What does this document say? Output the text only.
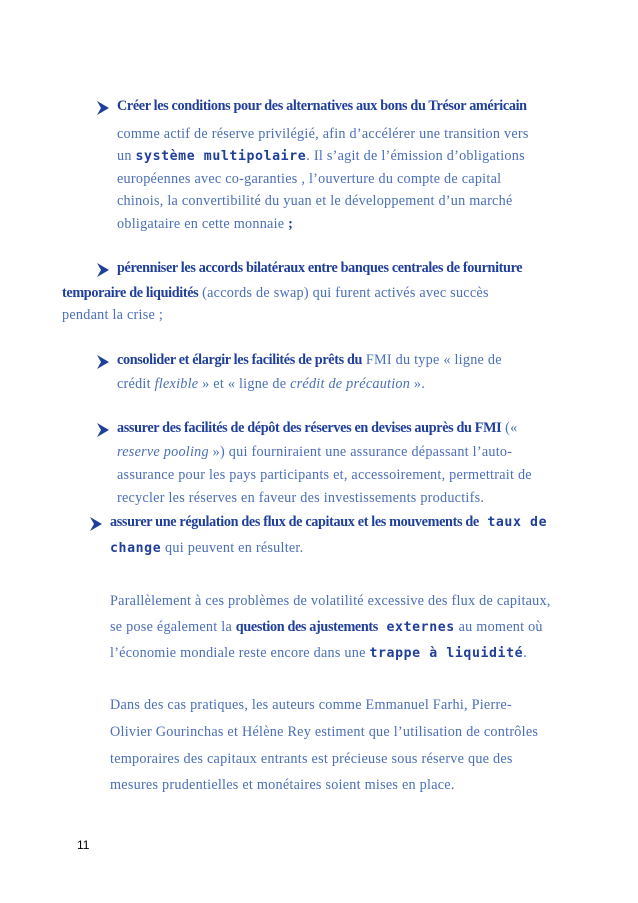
Créer les conditions pour des alternatives aux bons du Trésor américain
comme actif de réserve privilégié, afin d’accélérer une transition vers
un système multipolaire. Il s’agit de l’émission d’obligations
européennes avec co-garanties , l’ouverture du compte de capital
chinois, la convertibilité du yuan et le développement d’un marché
obligataire en cette monnaie ;
pérenniser les accords bilatéraux entre banques centrales de fourniture
temporaire de liquidités (accords de swap) qui furent activés avec succès
pendant la crise ;
consolider et élargir les facilités de prêts du FMI du type « ligne de
crédit flexible » et « ligne de crédit de précaution ».
assurer des facilités de dépôt des réserves en devises auprès du FMI («
reserve pooling ») qui fourniraient une assurance dépassant l’auto-
assurance pour les pays participants et, accessoirement, permettrait de
recycler les réserves en faveur des investissements productifs.
assurer une régulation des flux de capitaux et les mouvements de taux de
change qui peuvent en résulter.
Parallèlement à ces problèmes de volatilité excessive des flux de capitaux,
se pose également la question des ajustements externes au moment où
l’économie mondiale reste encore dans une trappe à liquidité.
Dans des cas pratiques, les auteurs comme Emmanuel Farhi, Pierre-
Olivier Gourinchas et Hélène Rey estiment que l’utilisation de contrôles
temporaires des capitaux entrants est précieuse sous réserve que des
mesures prudentielles et monétaires soient mises en place.
11
